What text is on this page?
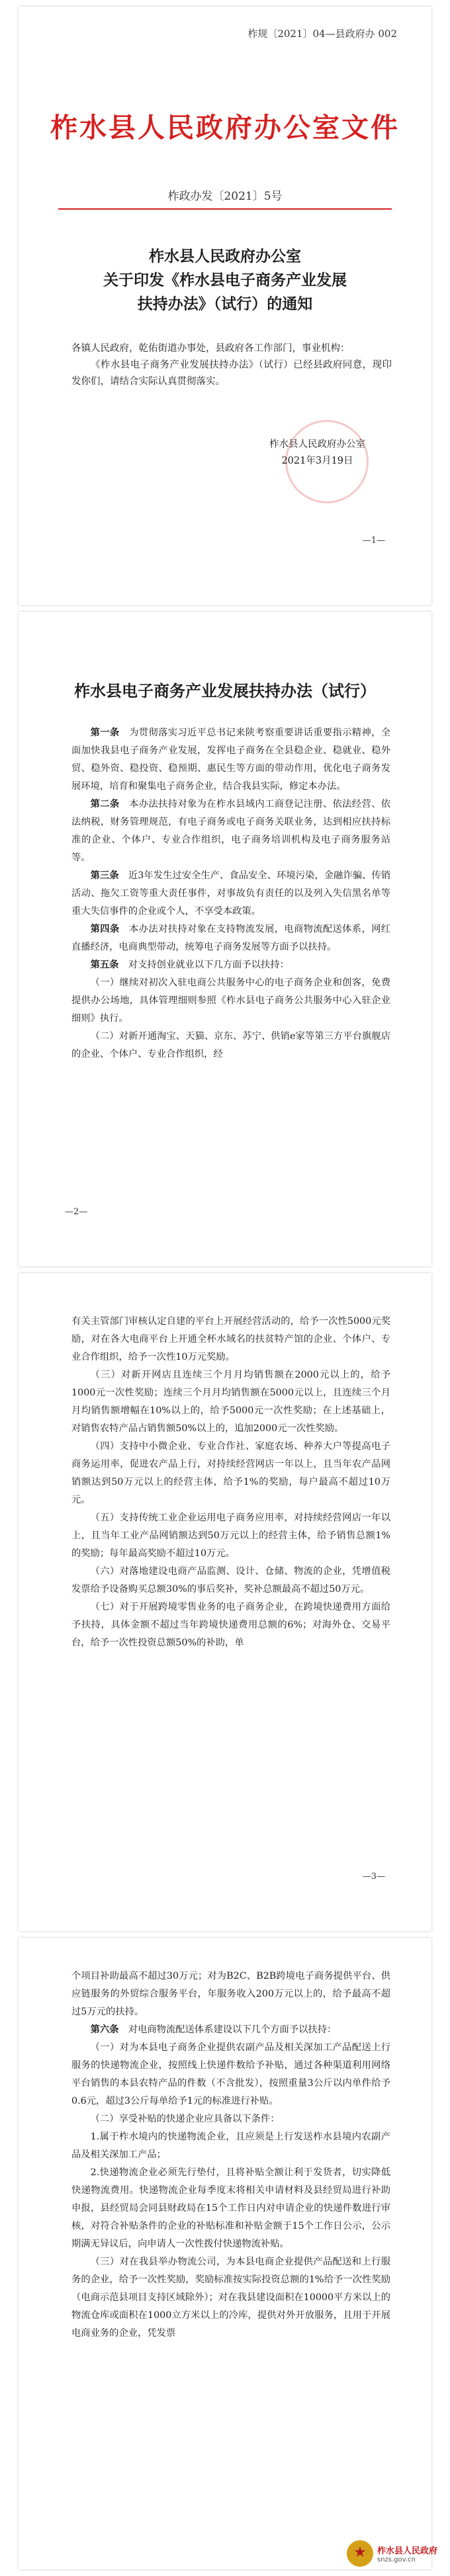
柞规〔2021〕04—县政府办 002
柞水县人民政府办公室文件
柞政办发〔2021〕5号
柞水县人民政府办公室
关于印发《柞水县电子商务产业发展
扶持办法》（试行）的通知

各镇人民政府，乾佑街道办事处，县政府各工作部门，事业机构：

《柞水县电子商务产业发展扶持办法》（试行）已经县政府同意，现印发你们，请结合实际认真贯彻落实。

柞水县人民政府办公室
2021年3月19日
—1—
柞水县电子商务产业发展扶持办法（试行）

第一条　 为贯彻落实习近平总书记来陕考察重要讲话重要指示精神，全面加快我县电子商务产业发展，发挥电子商务在全县稳企业、稳就业、稳外贸、稳外资、稳投资、稳预期、惠民生等方面的带动作用，优化电子商务发展环境，培育和聚集电子商务企业，结合我县实际，修定本办法。

第二条　 本办法扶持对象为在柞水县域内工商登记注册、依法经营、依法纳税，财务管理规范，有电子商务或电子商务关联业务，达到相应扶持标准的企业、个体户、专业合作组织，电子商务培训机构及电子商务服务站等。

第三条　 近3年发生过安全生产、食品安全、环境污染，金融诈骗、传销活动、拖欠工资等重大责任事件，对事故负有责任的以及列入失信黑名单等重大失信事件的企业或个人，不享受本政策。

第四条　 本办法对扶持对象在支持物流发展，电商物流配送体系，网红直播经济，电商典型带动，统筹电子商务发展等方面予以扶持。

第五条　 对支持创业就业以下几方面予以扶持：

（一）继续对初次入驻电商公共服务中心的电子商务企业和创客，免费提供办公场地，具体管理细则参照《柞水县电子商务公共服务中心入驻企业细则》执行。

（二）对新开通淘宝、天猫、京东、苏宁、供销e家等第三方平台旗舰店的企业、个体户、专业合作组织，经

—2—

有关主管部门审核认定自建的平台上开展经营活动的，给予一次性5000元奖励，对在各大电商平台上开通全杯水域名的扶贫特产馆的企业、个体户、专业合作组织，给予一次性10万元奖励。

（三）对新开网店且连续三个月月均销售额在2000元以上的，给予1000元一次性奖励；连续三个月月均销售额在5000元以上，且连续三个月月均销售额增幅在10%以上的，给予5000元一次性奖励；在上述基础上，对销售农特产品占销售额50%以上的，追加2000元一次性奖励。

（四）支持中小微企业、专业合作社、家庭农场、种养大户等提高电子商务运用率，促进农产品上行，对持续经营网店一年以上，且当年农产品网销额达到50万元以上的经营主体，给予1%的奖励，每户最高不超过10万元。

（五）支持传统工业企业运用电子商务应用率，对持续经营网店一年以上，且当年工业产品网销额达到50万元以上的经营主体，给予销售总额1%的奖励；每年最高奖励不超过10万元。

（六）对落地建设电商产品监测、设计、仓储、物流的企业，凭增值税发票给予设备购买总额30%的事后奖补，奖补总额最高不超过50万元。

（七）对于开展跨境零售业务的电子商务企业，在跨境快递费用方面给予扶持，具体金额不超过当年跨境快递费用总额的6%；对海外仓、交易平台，给予一次性投资总额50%的补助，单

—3—

个项目补助最高不超过30万元；对为B2C、B2B跨境电子商务提供平台、供应链服务的外贸综合服务平台，年服务收入200万元以上的，给予最高不超过5万元的扶持。

第六条　 对电商物流配送体系建设以下几个方面予以扶持：

（一）对为本县电子商务企业提供农副产品及相关深加工产品配送上行服务的快递物流企业，按照线上快递件数给予补贴，通过各种渠道利用网络平台销售的本县农特产品的件数（不含批发），按照重量3公斤以内单件给予0.6元，超过3公斤每单给予1元的标准进行补贴。

（二）享受补贴的快递企业应具备以下条件：

1.属于柞水境内的快递物流企业，且应须是上行发送柞水县境内农副产品及相关深加工产品；

2.快递物流企业必须先行垫付，且将补贴全额让利于发货者，切实降低快递物流费用。快递物流企业每季度末将相关申请材料及县经贸局进行补助申报，县经贸局会同县财政局在15个工作日内对申请企业的快递件数进行审核，对符合补贴条件的企业的补贴标准和补贴金额于15个工作日公示，公示期满无异议后，向申请人一次性拨付快递物流补贴。

（三）对在我县举办物流公司，为本县电商企业提供产品配送和上行服务的企业，给予一次性奖励，奖励标准按实际投资总额的1%给予一次性奖励（电商示范县项目支持区域除外）；对在我县建设面积在10000平方米以上的物流仓库或面积在1000立方米以上的冷库，提供对外开放服务，且用于开展电商业务的企业，凭发票

★
柞水县人民政府
snzs.gov.cn
